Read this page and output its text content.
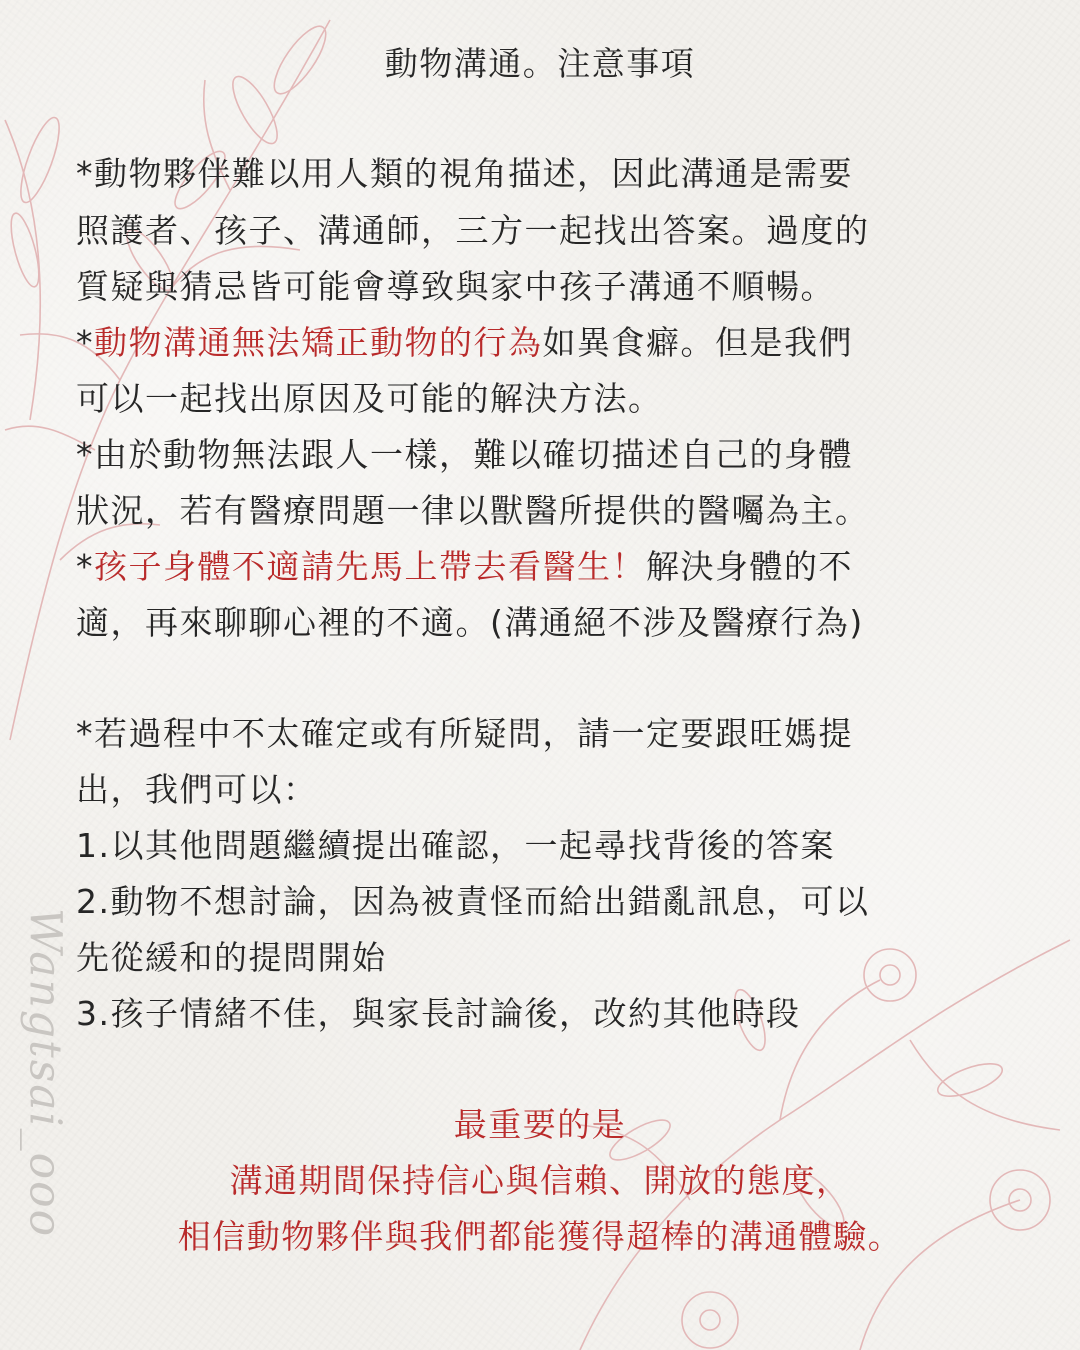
Wangtsai_ooo
動物溝通。注意事項
*動物夥伴難以用人類的視角描述，因此溝通是需要
照護者、孩子、溝通師，三方一起找出答案。過度的
質疑與猜忌皆可能會導致與家中孩子溝通不順暢。
*動物溝通無法矯正動物的行為如異食癖。但是我們
可以一起找出原因及可能的解決方法。
*由於動物無法跟人一樣，難以確切描述自己的身體
狀況，若有醫療問題一律以獸醫所提供的醫囑為主。
*孩子身體不適請先馬上帶去看醫生！解決身體的不
適，再來聊聊心裡的不適。(溝通絕不涉及醫療行為)
*若過程中不太確定或有所疑問，請一定要跟旺媽提
出，我們可以：
1.以其他問題繼續提出確認，一起尋找背後的答案
2.動物不想討論，因為被責怪而給出錯亂訊息，可以
先從緩和的提問開始
3.孩子情緒不佳，與家長討論後，改約其他時段
最重要的是
溝通期間保持信心與信賴、開放的態度，
相信動物夥伴與我們都能獲得超棒的溝通體驗。
